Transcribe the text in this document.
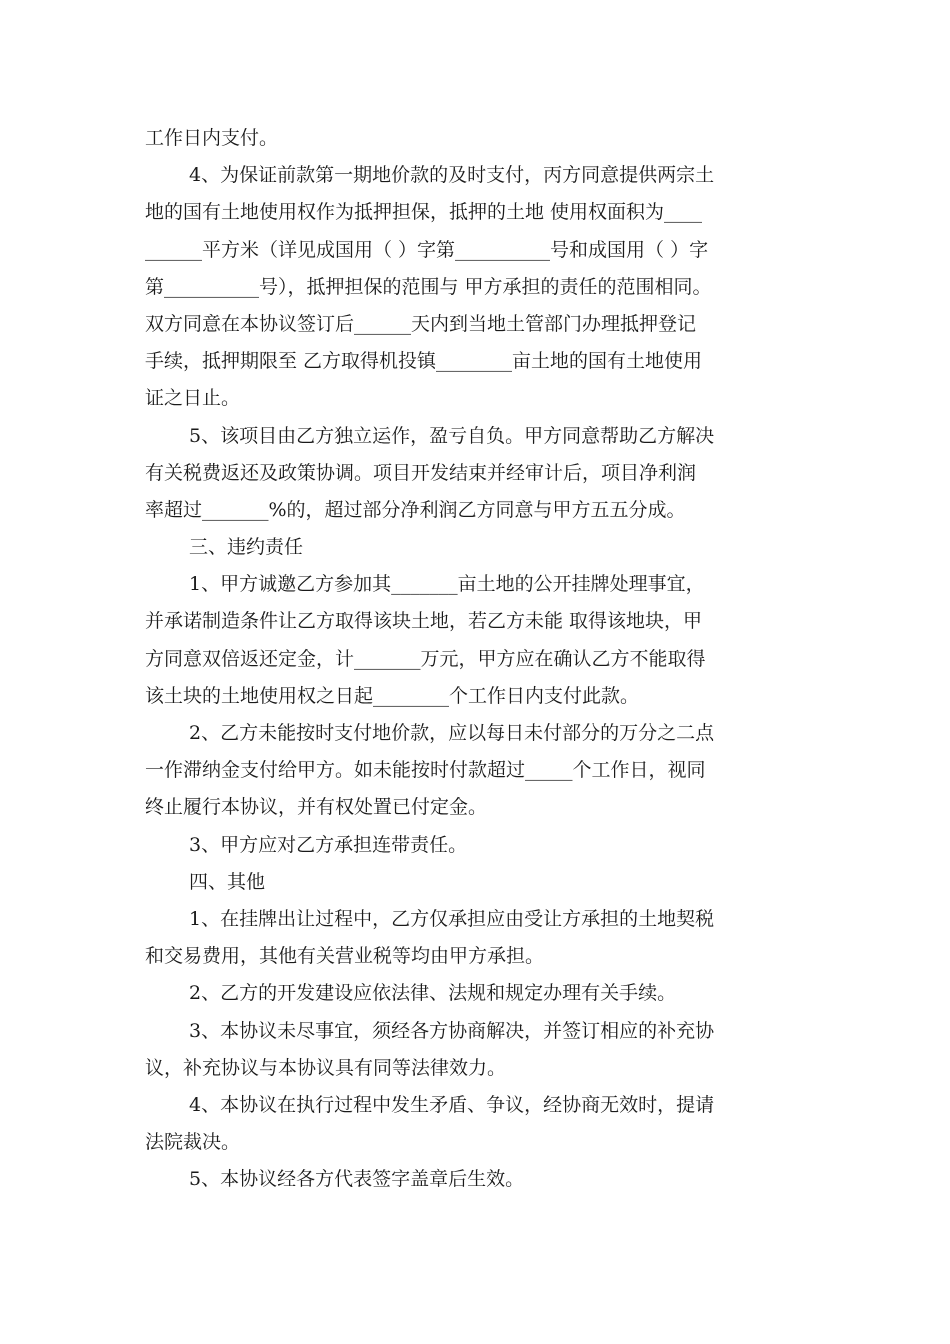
工作日内支付。
4、为保证前款第一期地价款的及时支付，丙方同意提供两宗土
地的国有土地使用权作为抵押担保，抵押的土地 使用权面积为____
______平方米（详见成国用（ ）字第__________号和成国用（ ）字
第__________号），抵押担保的范围与 甲方承担的责任的范围相同。
双方同意在本协议签订后______天内到当地土管部门办理抵押登记
手续，抵押期限至 乙方取得机投镇________亩土地的国有土地使用
证之日止。
5、该项目由乙方独立运作，盈亏自负。甲方同意帮助乙方解决
有关税费返还及政策协调。项目开发结束并经审计后，项目净利润
率超过_______%的，超过部分净利润乙方同意与甲方五五分成。
三、违约责任
1、甲方诚邀乙方参加其_______亩土地的公开挂牌处理事宜，
并承诺制造条件让乙方取得该块土地，若乙方未能 取得该地块，甲
方同意双倍返还定金，计_______万元，甲方应在确认乙方不能取得
该土块的土地使用权之日起________个工作日内支付此款。
2、乙方未能按时支付地价款，应以每日未付部分的万分之二点
一作滞纳金支付给甲方。如未能按时付款超过_____个工作日，视同
终止履行本协议，并有权处置已付定金。
3、甲方应对乙方承担连带责任。
四、其他
1、在挂牌出让过程中，乙方仅承担应由受让方承担的土地契税
和交易费用，其他有关营业税等均由甲方承担。
2、乙方的开发建设应依法律、法规和规定办理有关手续。
3、本协议未尽事宜，须经各方协商解决，并签订相应的补充协
议，补充协议与本协议具有同等法律效力。
4、本协议在执行过程中发生矛盾、争议，经协商无效时，提请
法院裁决。
5、本协议经各方代表签字盖章后生效。
